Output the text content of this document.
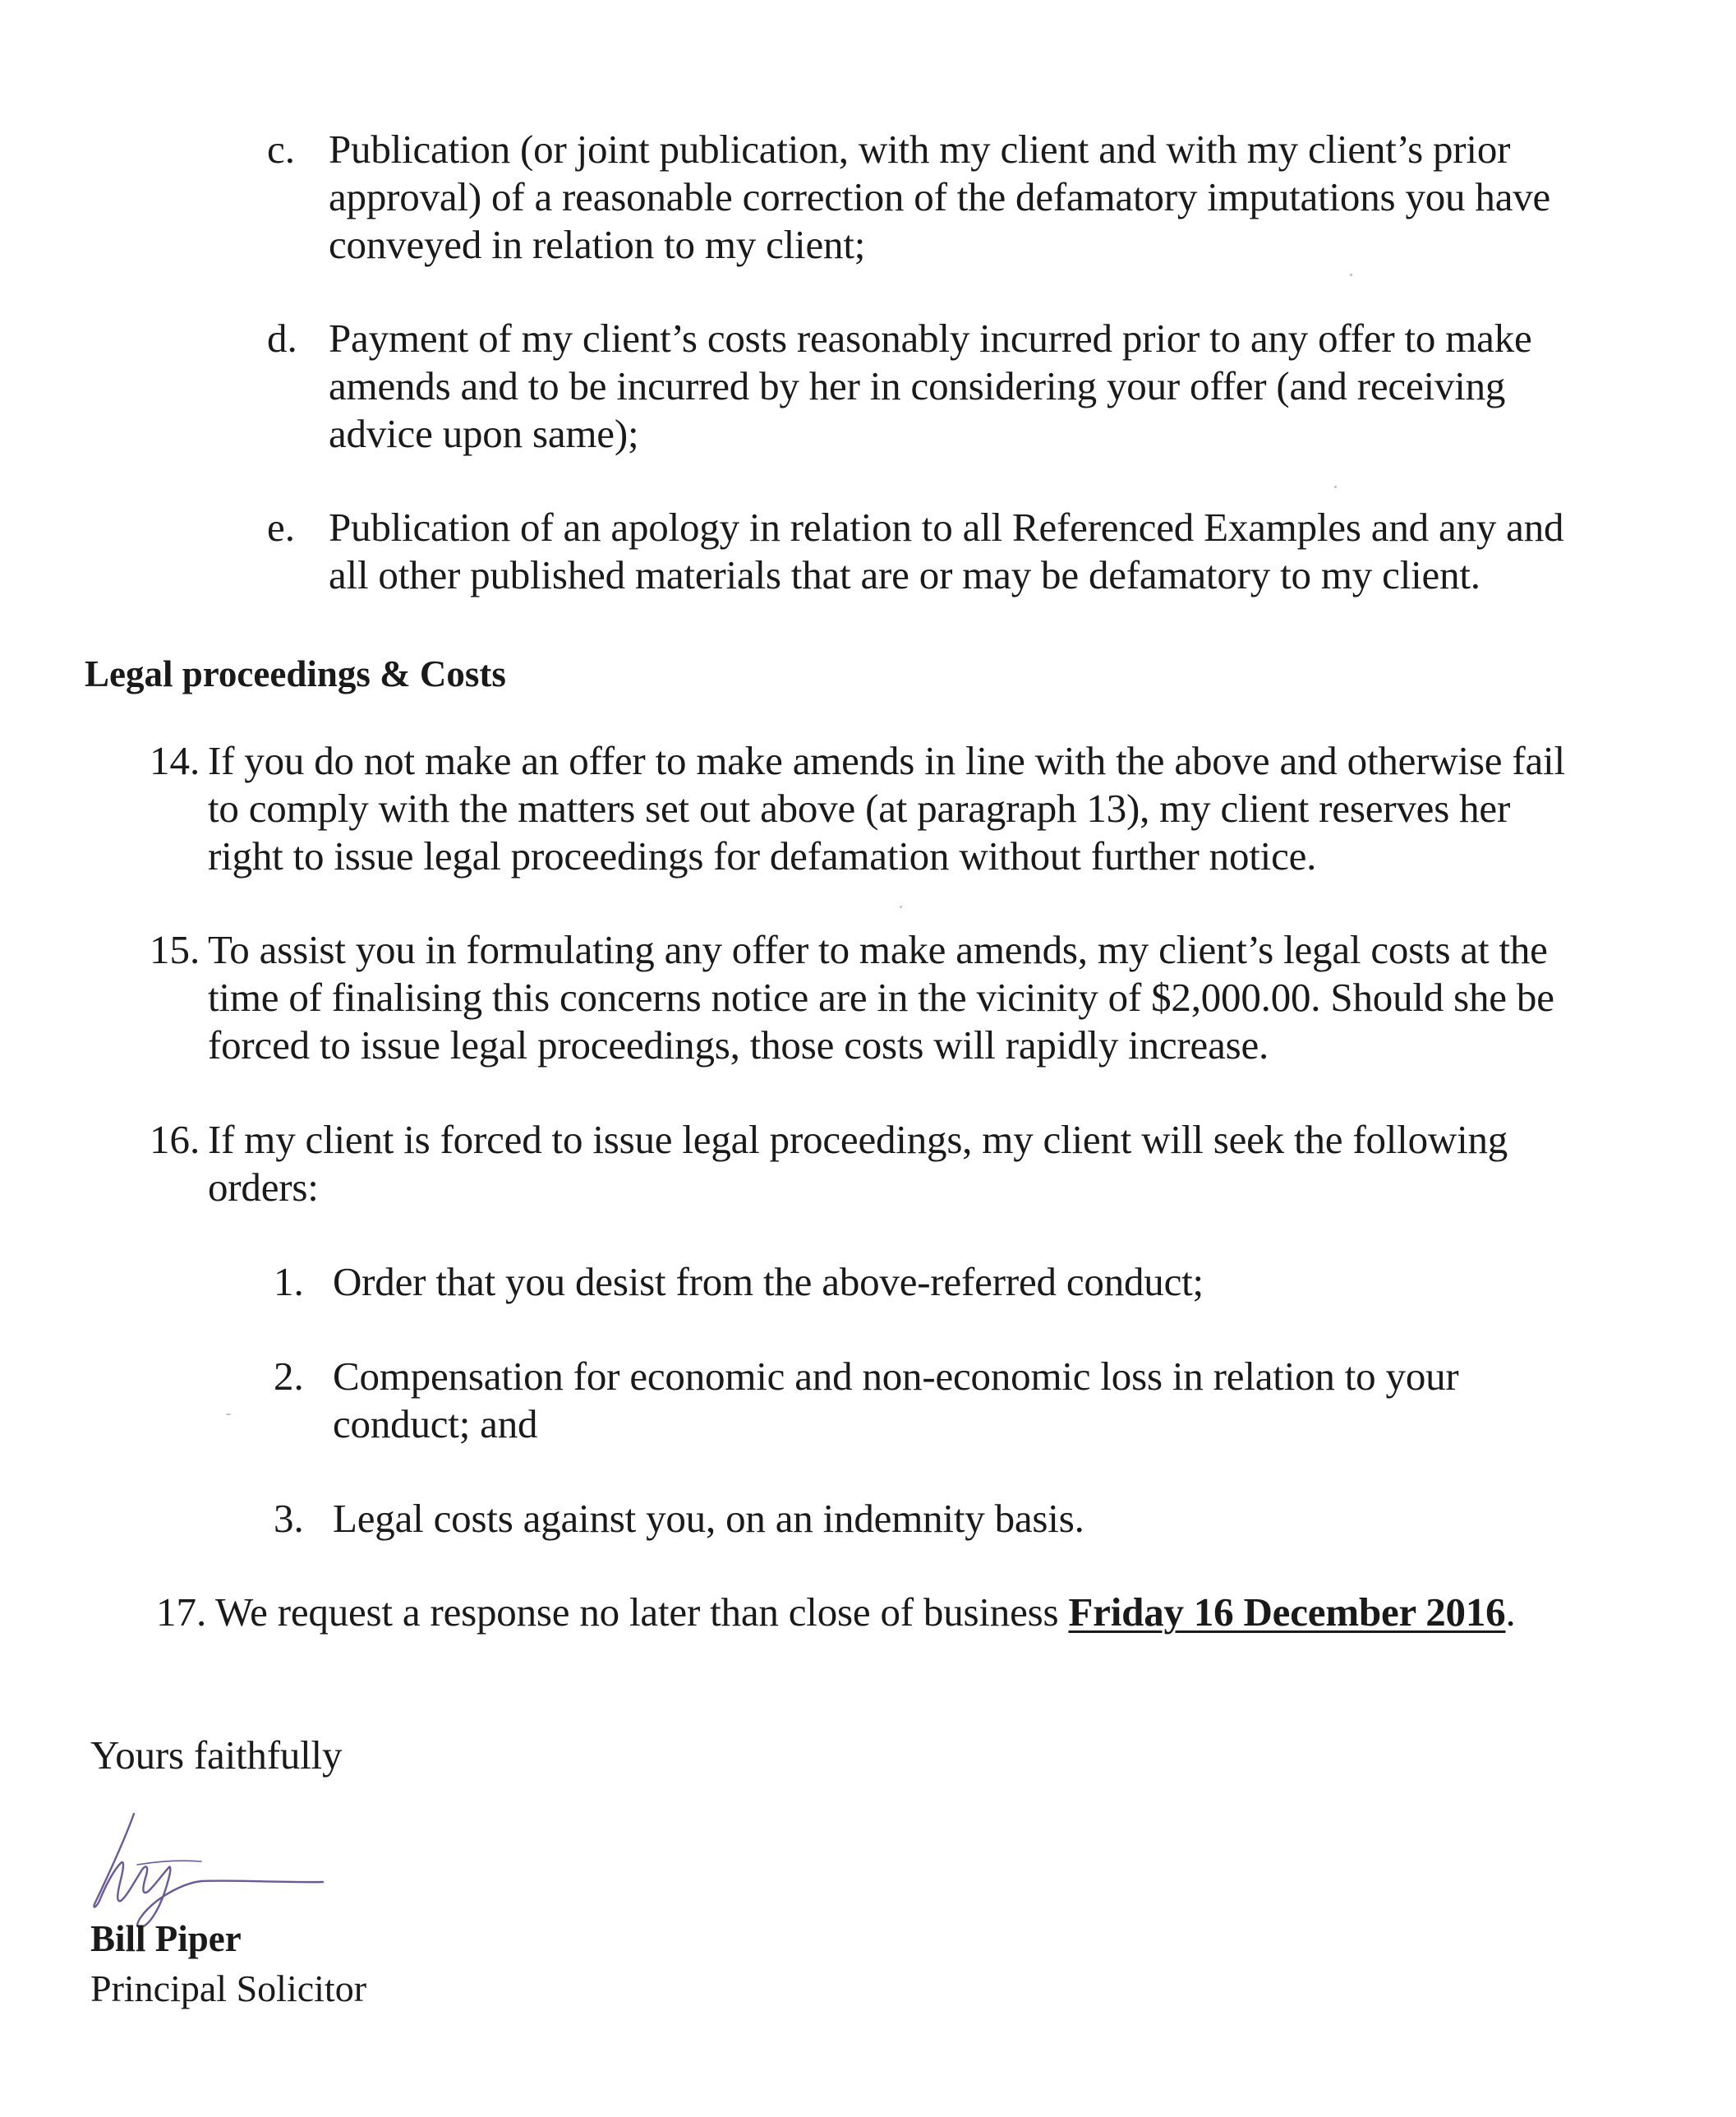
c. Publication (or joint publication, with my client and with my client’s prior
approval) of a reasonable correction of the defamatory imputations you have
conveyed in relation to my client;
d. Payment of my client’s costs reasonably incurred prior to any offer to make
amends and to be incurred by her in considering your offer (and receiving
advice upon same);
e. Publication of an apology in relation to all Referenced Examples and any and
all other published materials that are or may be defamatory to my client.
Legal proceedings & Costs
14. If you do not make an offer to make amends in line with the above and otherwise fail
to comply with the matters set out above (at paragraph 13), my client reserves her
right to issue legal proceedings for defamation without further notice.
15. To assist you in formulating any offer to make amends, my client’s legal costs at the
time of finalising this concerns notice are in the vicinity of $2,000.00. Should she be
forced to issue legal proceedings, those costs will rapidly increase.
16. If my client is forced to issue legal proceedings, my client will seek the following
orders:
1. Order that you desist from the above-referred conduct;
2. Compensation for economic and non-economic loss in relation to your
conduct; and
3. Legal costs against you, on an indemnity basis.
17. We request a response no later than close of business Friday 16 December 2016.
Yours faithfully
Bill Piper
Principal Solicitor
